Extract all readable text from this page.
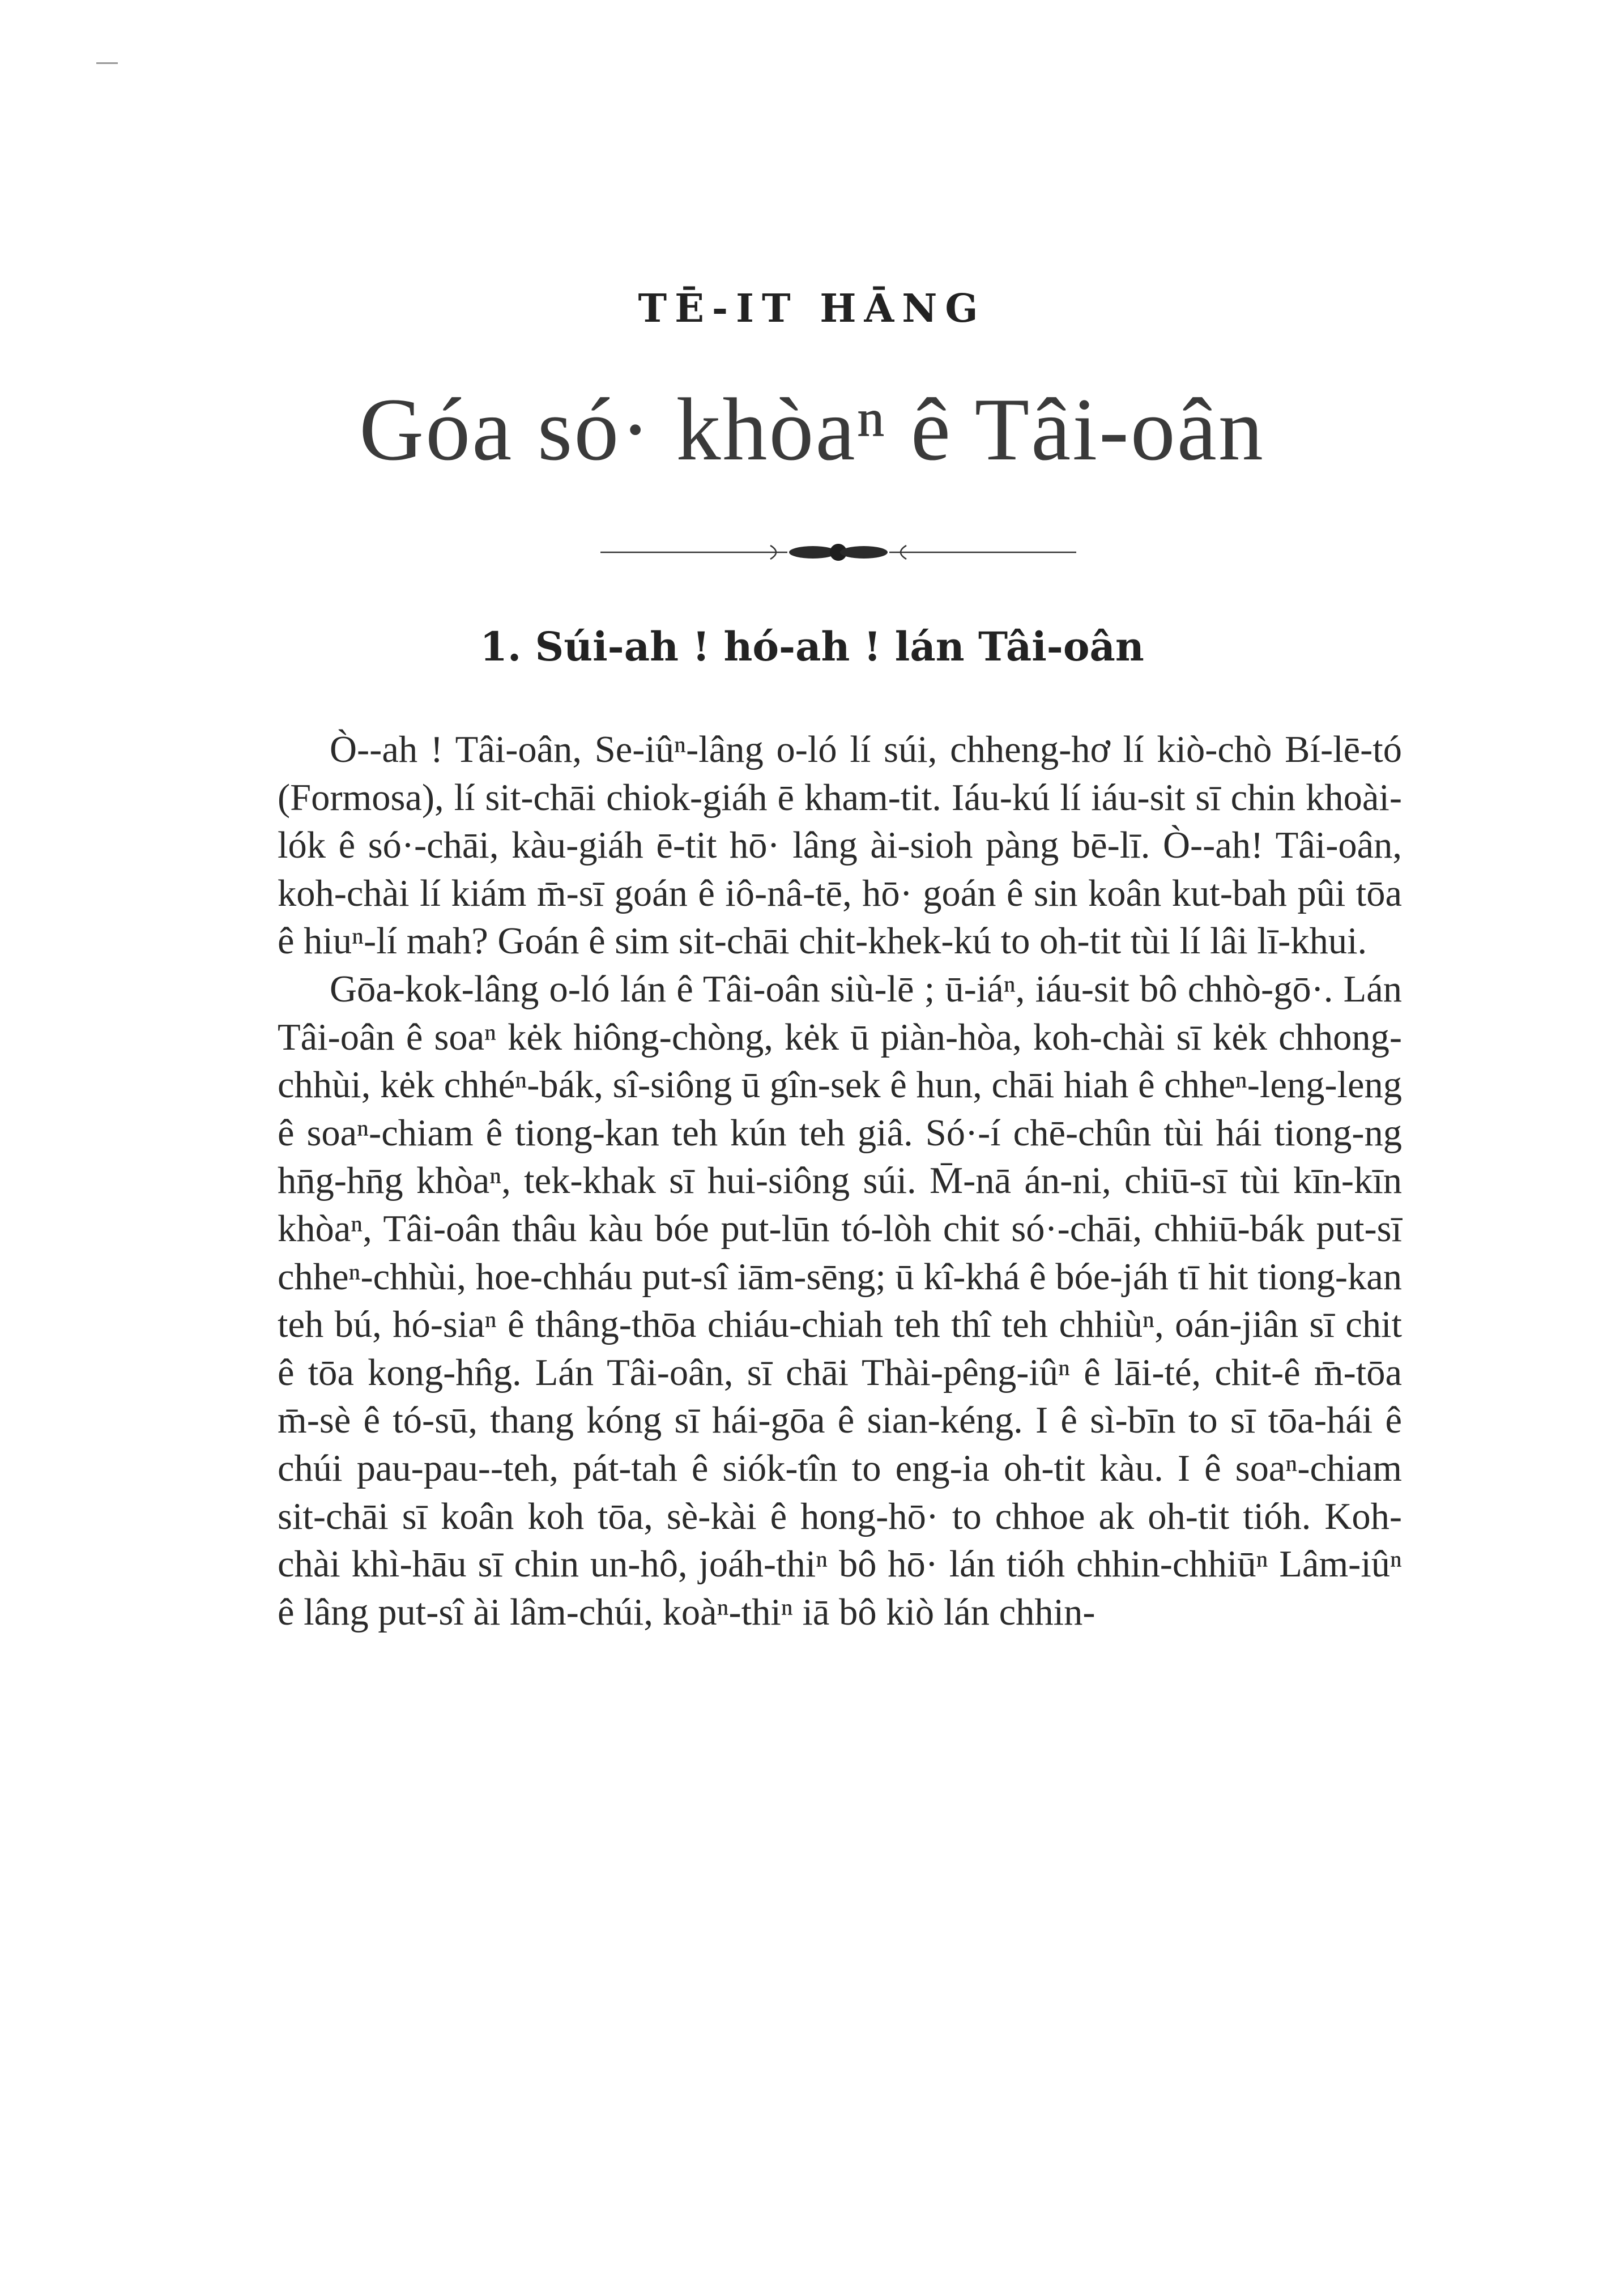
TĒ-IT HĀNG
Góa só· khòaⁿ ê Tâi-oân
1. Súi-ah ! hó-ah ! lán Tâi-oân

Ò--ah ! Tâi-oân, Se-iûⁿ-lâng o-ló lí súi, chheng-hơ lí kiò-chò Bí-lē-tó (Formosa), lí sit-chāi chiok-giáh ē kham-tit. Iáu-kú lí iáu-sit sī chin khoài-lók ê só·-chāi, kàu-giáh ē-tit hō· lâng ài-sioh pàng bē-lī. Ò--ah! Tâi-oân, koh-chài lí kiám m̄-sī goán ê iô-nâ-tē, hō· goán ê sin koân kut-bah pûi tōa ê hiuⁿ-lí mah? Goán ê sim sit-chāi chit-khek-kú to oh-tit tùi lí lâi lī-khui.

Gōa-kok-lâng o-ló lán ê Tâi-oân siù-lē ; ū-iáⁿ, iáu-sit bô chhò-gō·. Lán Tâi-oân ê soaⁿ kėk hiông-chòng, kėk ū piàn-hòa, koh-chài sī kėk chhong-chhùi, kėk chhéⁿ-bák, sî-siông ū gîn-sek ê hun, chāi hiah ê chheⁿ-leng-leng ê soaⁿ-chiam ê tiong-kan teh kún teh giâ. Só·-í chē-chûn tùi hái tiong-ng hn̄g-hn̄g khòaⁿ, tek-khak sī hui-siông súi. M̄-nā án-ni, chiū-sī tùi kīn-kīn khòaⁿ, Tâi-oân thâu kàu bóe put-lūn tó-lòh chit só·-chāi, chhiū-bák put-sī chheⁿ-chhùi, hoe-chháu put-sî iām-sēng; ū kî-khá ê bóe-jáh tī hit tiong-kan teh bú, hó-siaⁿ ê thâng-thōa chiáu-chiah teh thî teh chhiùⁿ, oán-jiân sī chit ê tōa kong-hn̂g. Lán Tâi-oân, sī chāi Thài-pêng-iûⁿ ê lāi-té, chit-ê m̄-tōa m̄-sè ê tó-sū, thang kóng sī hái-gōa ê sian-kéng. I ê sì-bīn to sī tōa-hái ê chúi pau-pau--teh, pát-tah ê siók-tîn to eng-ia oh-tit kàu. I ê soaⁿ-chiam sit-chāi sī koân koh tōa, sè-kài ê hong-hō· to chhoe ak oh-tit tióh. Koh-chài khì-hāu sī chin un-hô, joáh-thiⁿ bô hō· lán tióh chhin-chhiūⁿ Lâm-iûⁿ ê lâng put-sî ài lâm-chúi, koàⁿ-thiⁿ iā bô kiò lán chhin-
